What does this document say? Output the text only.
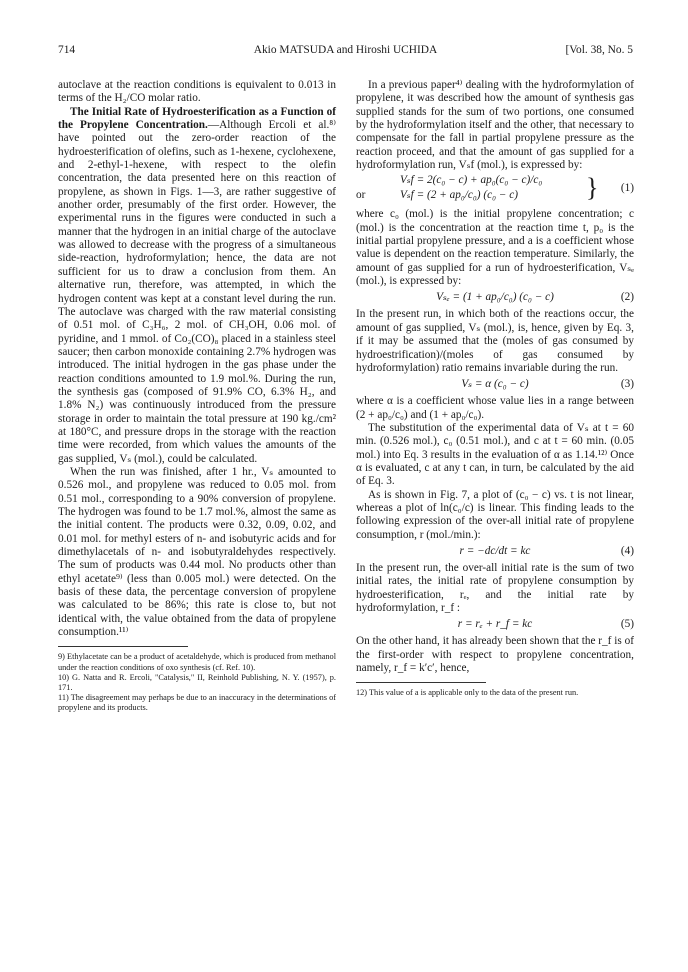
714	Akio MATSUDA and Hiroshi UCHIDA	[Vol. 38, No. 5

autoclave at the reaction conditions is equivalent to 0.013 in terms of the H₂/CO molar ratio.

The Initial Rate of Hydroesterification as a Function of the Propylene Concentration.—Although Ercoli et al.⁸⁾ have pointed out the zero-order reaction of the hydroesterification of olefins, such as 1-hexene, cyclohexene, and 2-ethyl-1-hexene, with respect to the olefin concentration, the data presented here on this reaction of propylene, as shown in Figs. 1—3, are rather suggestive of another order, presumably of the first order. However, the experimental runs in the figures were conducted in such a manner that the hydrogen in an initial charge of the autoclave was allowed to decrease with the progress of a simultaneous side-reaction, hydroformylation; hence, the data are not sufficient for us to draw a conclusion from them. An alternative run, therefore, was attempted, in which the hydrogen content was kept at a constant level during the run. The autoclave was charged with the raw material consisting of 0.51 mol. of C₃H₆, 2 mol. of CH₃OH, 0.06 mol. of pyridine, and 1 mmol. of Co₂(CO)₈ placed in a stainless steel saucer; then carbon monoxide containing 2.7% hydrogen was introduced. The initial hydrogen in the gas phase under the reaction conditions amounted to 1.9 mol.%. During the run, the synthesis gas (composed of 91.9% CO, 6.3% H₂, and 1.8% N₂) was continuously introduced from the pressure storage in order to maintain the total pressure at 190 kg./cm² at 180°C, and pressure drops in the storage with the reaction time were recorded, from which values the amounts of the gas supplied, Vₛ (mol.), could be calculated.

When the run was finished, after 1 hr., Vₛ amounted to 0.526 mol., and propylene was reduced to 0.05 mol. from 0.51 mol., corresponding to a 90% conversion of propylene. The hydrogen was found to be 1.7 mol.%, almost the same as the initial content. The products were 0.32, 0.09, 0.02, and 0.01 mol. for methyl esters of n- and isobutyric acids and for dimethylacetals of n- and isobutyraldehydes respectively. The sum of products was 0.44 mol. No products other than ethyl acetate⁹⁾ (less than 0.005 mol.) were detected. On the basis of these data, the percentage conversion of propylene was calculated to be 86%; this rate is close to, but not identical with, the value obtained from the data of propylene consumption.¹¹⁾

9) Ethylacetate can be a product of acetaldehyde, which is produced from methanol under the reaction conditions of oxo synthesis (cf. Ref. 10).

10) G. Natta and R. Ercoli, "Catalysis," II, Reinhold Publishing, N. Y. (1957), p. 171.

11) The disagreement may perhaps be due to an inaccuracy in the determinations of propylene and its products.

In a previous paper⁴⁾ dealing with the hydroformylation of propylene, it was described how the amount of synthesis gas supplied stands for the sum of two portions, one consumed by the hydroformylation itself and the other, that necessary to compensate for the fall in partial propylene pressure as the reaction proceed, and that the amount of gas supplied for a hydroformylation run, Vₛf (mol.), is expressed by:

Vₛf = 2(c₀ − c) + ap₀(c₀ − c)/c₀
or	Vₛf = (2 + ap₀/c₀) (c₀ − c)	} (1)

where c₀ (mol.) is the initial propylene concentration; c (mol.) is the concentration at the reaction time t, p₀ is the initial partial propylene pressure, and a is a coefficient whose value is dependent on the reaction temperature. Similarly, the amount of gas supplied for a run of hydroesterification, Vₛₑ (mol.), is expressed by:

Vₛₑ = (1 + ap₀/c₀) (c₀ − c)	(2)

In the present run, in which both of the reactions occur, the amount of gas supplied, Vₛ (mol.), is, hence, given by Eq. 3, if it may be assumed that the (moles of gas consumed by hydroestrification)/(moles of gas consumed by hydroformylation) ratio remains invariable during the run.

Vₛ = α (c₀ − c)	(3)

where α is a coefficient whose value lies in a range between (2 + ap₀/c₀) and (1 + ap₀/c₀).

The substitution of the experimental data of Vₛ at t = 60 min. (0.526 mol.), c₀ (0.51 mol.), and c at t = 60 min. (0.05 mol.) into Eq. 3 results in the evaluation of α as 1.14.¹²⁾ Once α is evaluated, c at any t can, in turn, be calculated by the aid of Eq. 3.

As is shown in Fig. 7, a plot of (c₀ − c) vs. t is not linear, whereas a plot of ln(c₀/c) is linear. This finding leads to the following expression of the over-all initial rate of propylene consumption, r (mol./min.):

r = −dc/dt = kc	(4)

In the present run, the over-all initial rate is the sum of two initial rates, the initial rate of propylene consumption by hydroesterification, rₑ, and the initial rate by hydroformylation, r_f :

r = rₑ + r_f = kc	(5)

On the other hand, it has already been shown that the r_f is of the first-order with respect to propylene concentration, namely, r_f = k′c′, hence,

12) This value of a is applicable only to the data of the present run.
